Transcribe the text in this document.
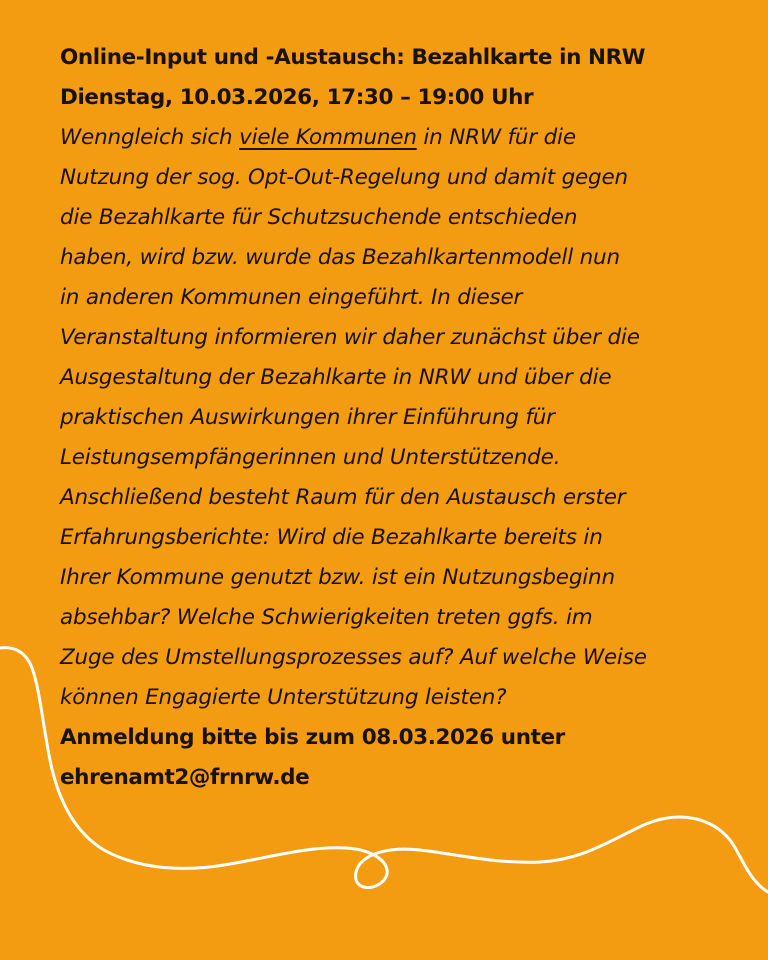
Online-Input und -Austausch: Bezahlkarte in NRW
Dienstag, 10.03.2026, 17:30 – 19:00 Uhr
Wenngleich sich viele Kommunen in NRW für die
Nutzung der sog. Opt-Out-Regelung und damit gegen
die Bezahlkarte für Schutzsuchende entschieden
haben, wird bzw. wurde das Bezahlkartenmodell nun
in anderen Kommunen eingeführt. In dieser
Veranstaltung informieren wir daher zunächst über die
Ausgestaltung der Bezahlkarte in NRW und über die
praktischen Auswirkungen ihrer Einführung für
Leistungsempfängerinnen und Unterstützende.
Anschließend besteht Raum für den Austausch erster
Erfahrungsberichte: Wird die Bezahlkarte bereits in
Ihrer Kommune genutzt bzw. ist ein Nutzungsbeginn
absehbar? Welche Schwierigkeiten treten ggfs. im
Zuge des Umstellungsprozesses auf? Auf welche Weise
können Engagierte Unterstützung leisten?
Anmeldung bitte bis zum 08.03.2026 unter
ehrenamt2@frnrw.de
